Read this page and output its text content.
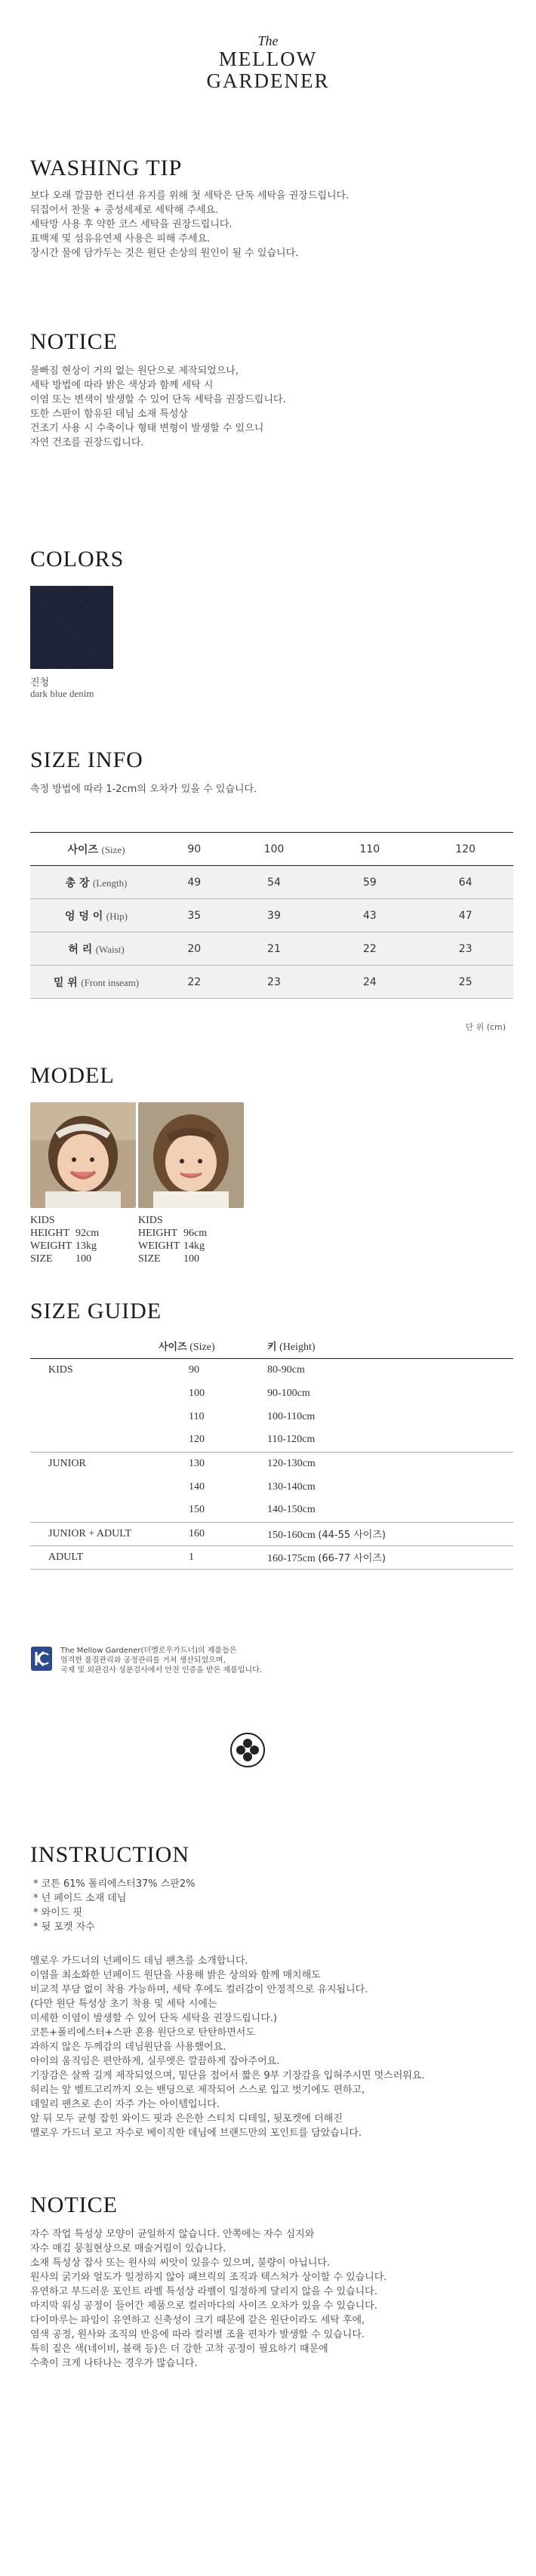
The
MELLOW
GARDENER
WASHING TIP
보다 오래 깔끔한 컨디션 유지를 위해 첫 세탁은 단독 세탁을 권장드립니다.
뒤집어서 찬물 + 중성세제로 세탁해 주세요.
세탁망 사용 후 약한 코스 세탁을 권장드립니다.
표백제 및 섬유유연제 사용은 피해 주세요.
장시간 물에 담가두는 것은 원단 손상의 원인이 될 수 있습니다.
NOTICE
물빠짐 현상이 거의 없는 원단으로 제작되었으나,
세탁 방법에 따라 밝은 색상과 함께 세탁 시
이염 또는 변색이 발생할 수 있어 단독 세탁을 권장드립니다.
또한 스판이 함유된 데님 소재 특성상
건조기 사용 시 수축이나 형태 변형이 발생할 수 있으니
자연 건조를 권장드립니다.
COLORS
진청
dark blue denim
SIZE INFO
측정 방법에 따라 1-2cm의 오차가 있을 수 있습니다.
사이즈 (Size)	90	100	110	120
총 장 (Length)	49	54	59	64
엉 덩 이 (Hip)	35	39	43	47
허 리 (Waist)	20	21	22	23
밑 위 (Front inseam)	22	23	24	25
단 위 (cm)
MODEL
KIDS
HEIGHT 92cm
WEIGHT 13kg
SIZE	100
KIDS
HEIGHT 96cm
WEIGHT 14kg
SIZE	100
SIZE GUIDE
	사이즈 (Size)	키 (Height)
KIDS	90	80-90cm
	100	90-100cm
	110	100-110cm
	120	110-120cm
JUNIOR	130	120-130cm
	140	130-140cm
	150	140-150cm
JUNIOR + ADULT	160	150-160cm (44-55 사이즈)
ADULT	1	160-175cm (66-77 사이즈)
The Mellow Gardener(더멜로우가드너)의 제품들은
엄격한 품질관리와 공정관리를 거쳐 생산되었으며,
국제 및 외관검사 성분검사에서 안전 인증을 받은 제품입니다.
INSTRUCTION
* 코튼 61% 폴리에스터37% 스판2%
* 넌 페이드 소재 데님
* 와이드 핏
* 뒷 포켓 자수
멜로우 가드너의 넌페이드 데님 팬츠를 소개합니다.
이염을 최소화한 넌페이드 원단을 사용해 밝은 상의와 함께 매치해도
비교적 부담 없이 착용 가능하며, 세탁 후에도 컬러감이 안정적으로 유지됩니다.
(다만 원단 특성상 초기 착용 및 세탁 시에는
미세한 이염이 발생할 수 있어 단독 세탁을 권장드립니다.)
코튼+폴리에스터+스판 혼용 원단으로 탄탄하면서도
과하지 않은 두께감의 데님원단을 사용했어요.
아이의 움직임은 편안하게, 실루엣은 깔끔하게 잡아주어요.
기장감은 살짝 길게 제작되었으며, 밑단을 접어서 짧은 9부 기장감을 입혀주시면 멋스러워요.
허리는 앞 벨트고리까지 오는 밴딩으로 제작되어 스스로 입고 벗기에도 편하고,
데일리 팬츠로 손이 자주 가는 아이템입니다.
앞 뒤 모두 균형 잡힌 와이드 핏과 은은한 스티치 디테일, 뒷포켓에 더해진
멜로우 가드너 로고 자수로 베이직한 데님에 브랜드만의 포인트를 담았습니다.
NOTICE
자수 작업 특성상 모양이 균일하지 않습니다. 안쪽에는 자수 심지와
자수 매김 뭉침현상으로 매술거림이 있습니다.
소재 특성상 잡사 또는 원사의 씨앗이 있을수 있으며, 불량이 아닙니다.
원사의 굵기와 얼도가 일정하지 않아 패브릭의 조직과 텍스처가 상이할 수 있습니다.
유연하고 부드러운 포인트 라벨 특성상 라벨이 일정하게 달리지 않을 수 있습니다.
마지막 워싱 공정이 들어간 제품으로 컬러마다의 사이즈 오차가 있을 수 있습니다.
다이마루는 파임이 유연하고 신축성이 크기 때문에 같은 원단이라도 세탁 후에,
염색 공정, 원사와 조직의 반응에 따라 컬러별 조율 편차가 발생할 수 있습니다.
특히 짙은 색(네이비, 블랙 등)은 더 강한 고착 공정이 필요하기 때문에
수축이 크게 나타나는 경우가 많습니다.
